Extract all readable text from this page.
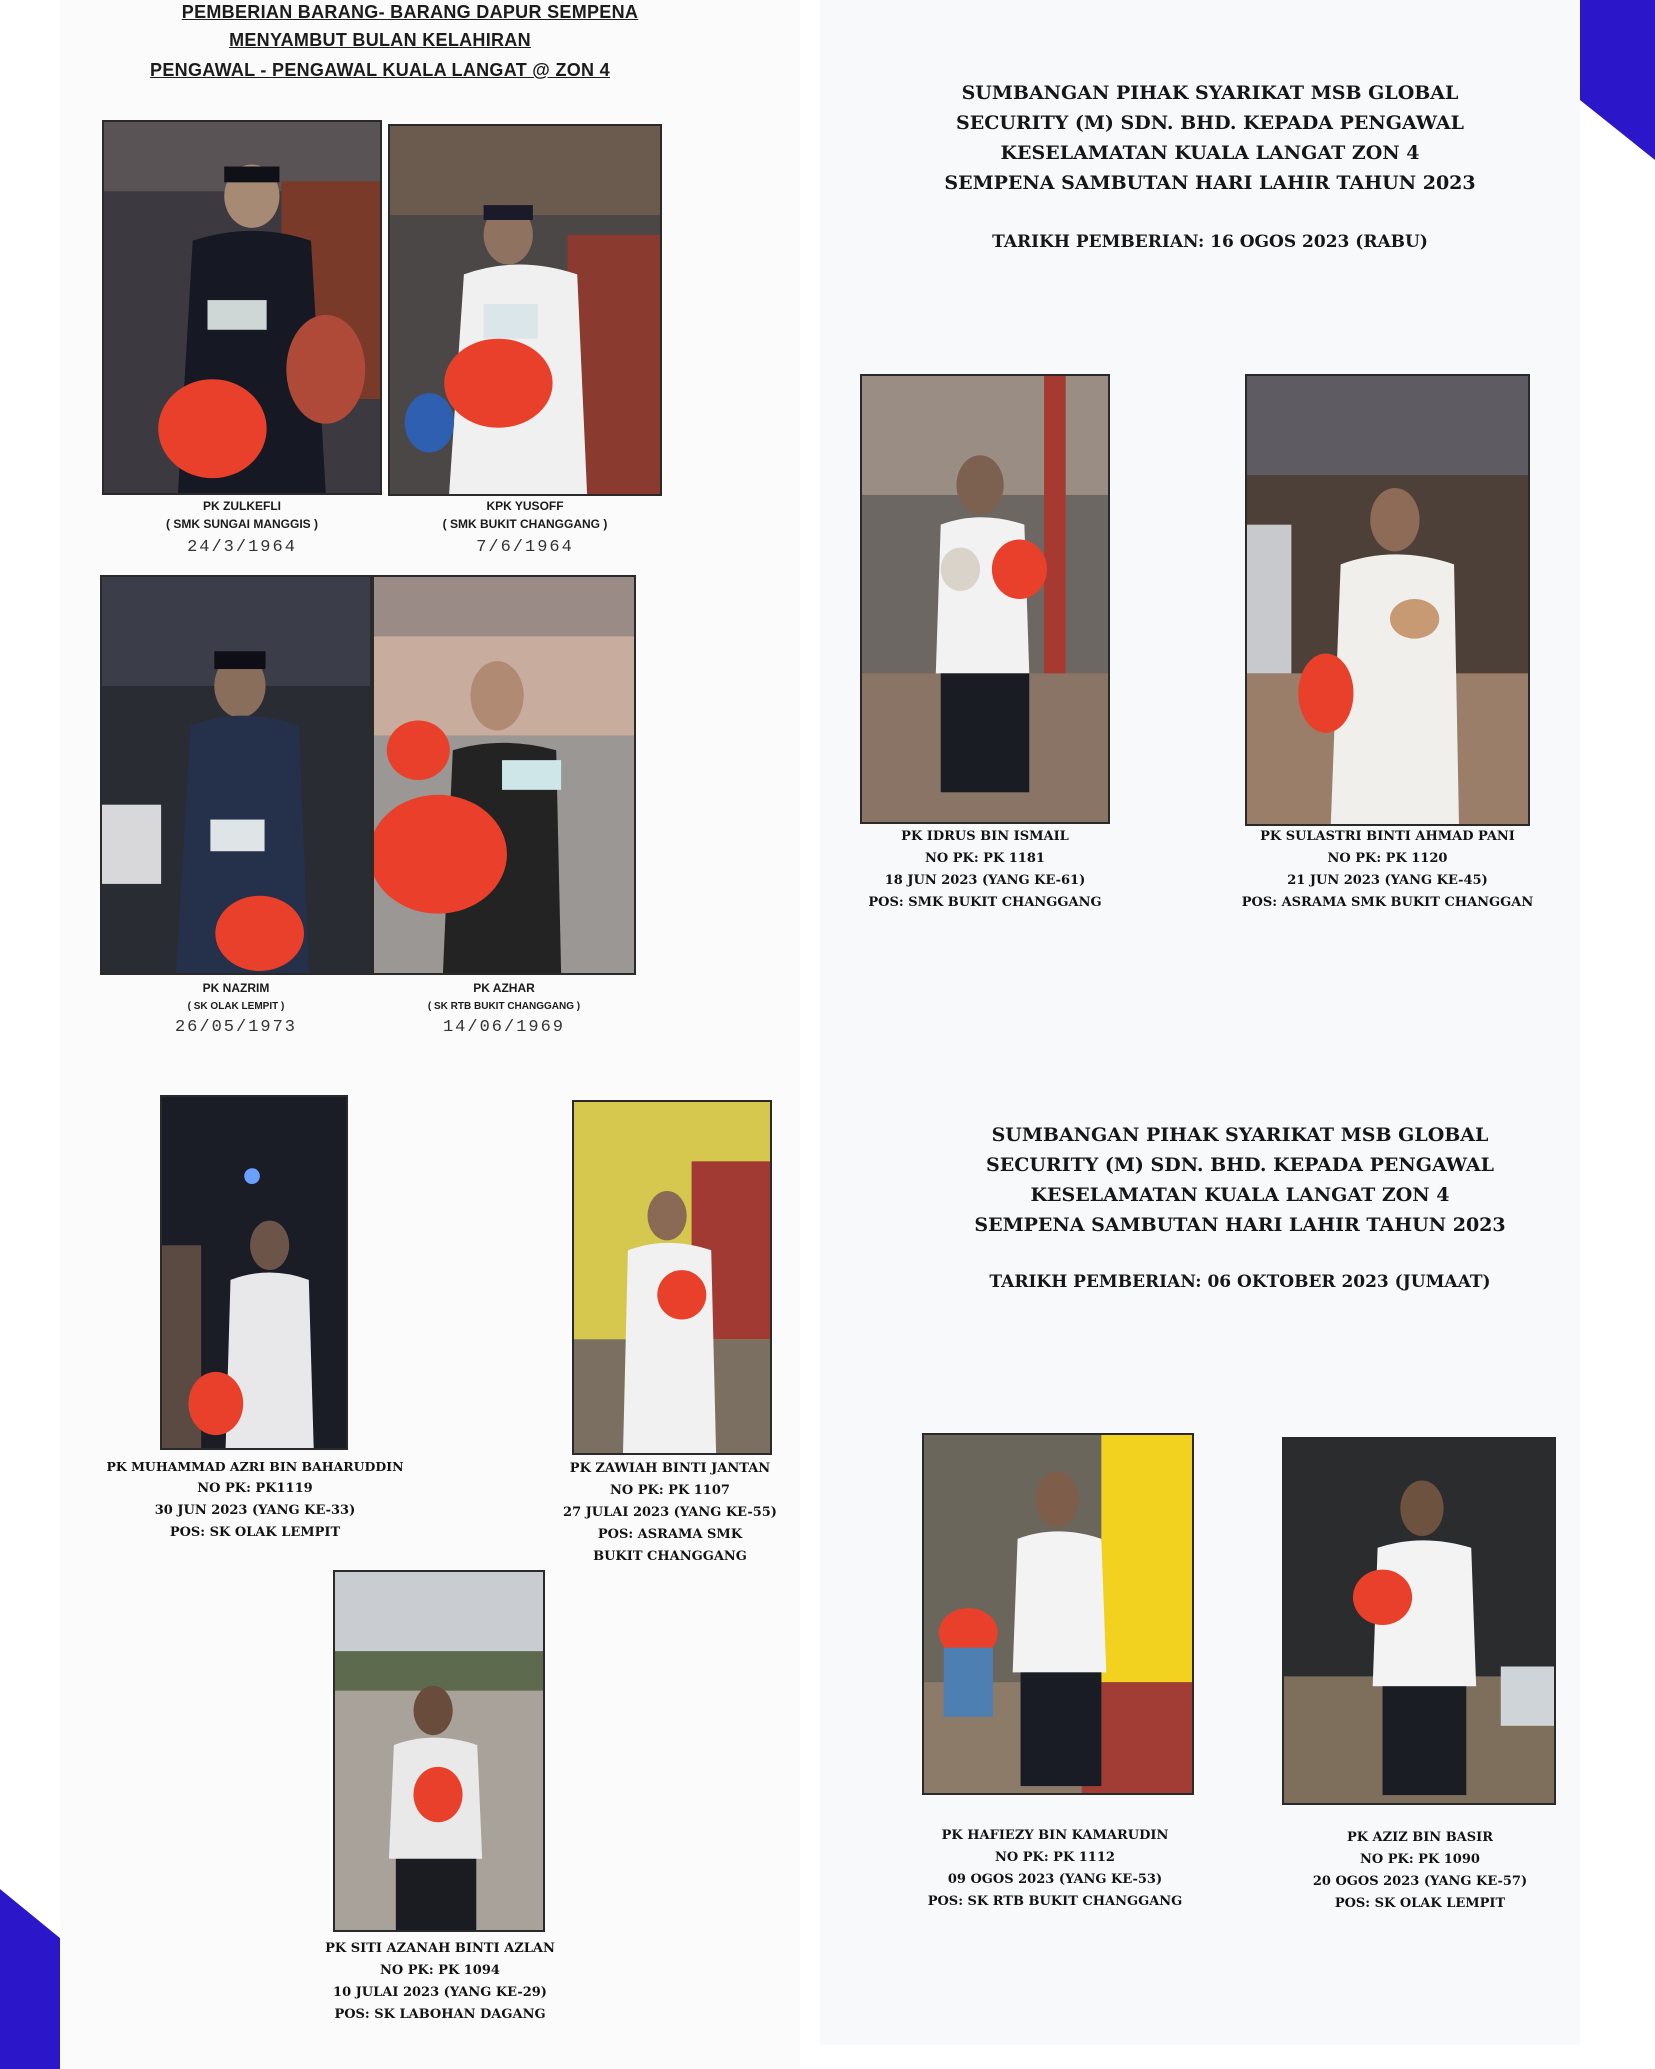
PEMBERIAN BARANG- BARANG DAPUR SEMPENA
MENYAMBUT BULAN KELAHIRAN
PENGAWAL - PENGAWAL KUALA LANGAT @ ZON 4
PK ZULKEFLI
( SMK SUNGAI MANGGIS )
24/3/1964
KPK YUSOFF
( SMK BUKIT CHANGGANG )
7/6/1964
PK NAZRIM
( SK OLAK LEMPIT )
26/05/1973
PK AZHAR
( SK RTB BUKIT CHANGGANG )
14/06/1969
SUMBANGAN PIHAK SYARIKAT MSB GLOBAL
SECURITY (M) SDN. BHD. KEPADA PENGAWAL
KESELAMATAN KUALA LANGAT ZON 4
SEMPENA SAMBUTAN HARI LAHIR TAHUN 2023
TARIKH PEMBERIAN: 16 OGOS 2023 (RABU)
PK IDRUS BIN ISMAIL
NO PK: PK 1181
18 JUN 2023 (YANG KE-61)
POS: SMK BUKIT CHANGGANG
PK SULASTRI BINTI AHMAD PANI
NO PK: PK 1120
21 JUN 2023 (YANG KE-45)
POS: ASRAMA SMK BUKIT CHANGGAN
PK MUHAMMAD AZRI BIN BAHARUDDIN
NO PK: PK1119
30 JUN 2023 (YANG KE-33)
POS: SK OLAK LEMPIT
PK ZAWIAH BINTI JANTAN
NO PK: PK 1107
27 JULAI 2023 (YANG KE-55)
POS: ASRAMA SMK
BUKIT CHANGGANG
PK SITI AZANAH BINTI AZLAN
NO PK: PK 1094
10 JULAI 2023 (YANG KE-29)
POS: SK LABOHAN DAGANG
SUMBANGAN PIHAK SYARIKAT MSB GLOBAL
SECURITY (M) SDN. BHD. KEPADA PENGAWAL
KESELAMATAN KUALA LANGAT ZON 4
SEMPENA SAMBUTAN HARI LAHIR TAHUN 2023
TARIKH PEMBERIAN: 06 OKTOBER 2023 (JUMAAT)
PK HAFIEZY BIN KAMARUDIN
NO PK: PK 1112
09 OGOS 2023 (YANG KE-53)
POS: SK RTB BUKIT CHANGGANG
PK AZIZ BIN BASIR
NO PK: PK 1090
20 OGOS 2023 (YANG KE-57)
POS: SK OLAK LEMPIT
